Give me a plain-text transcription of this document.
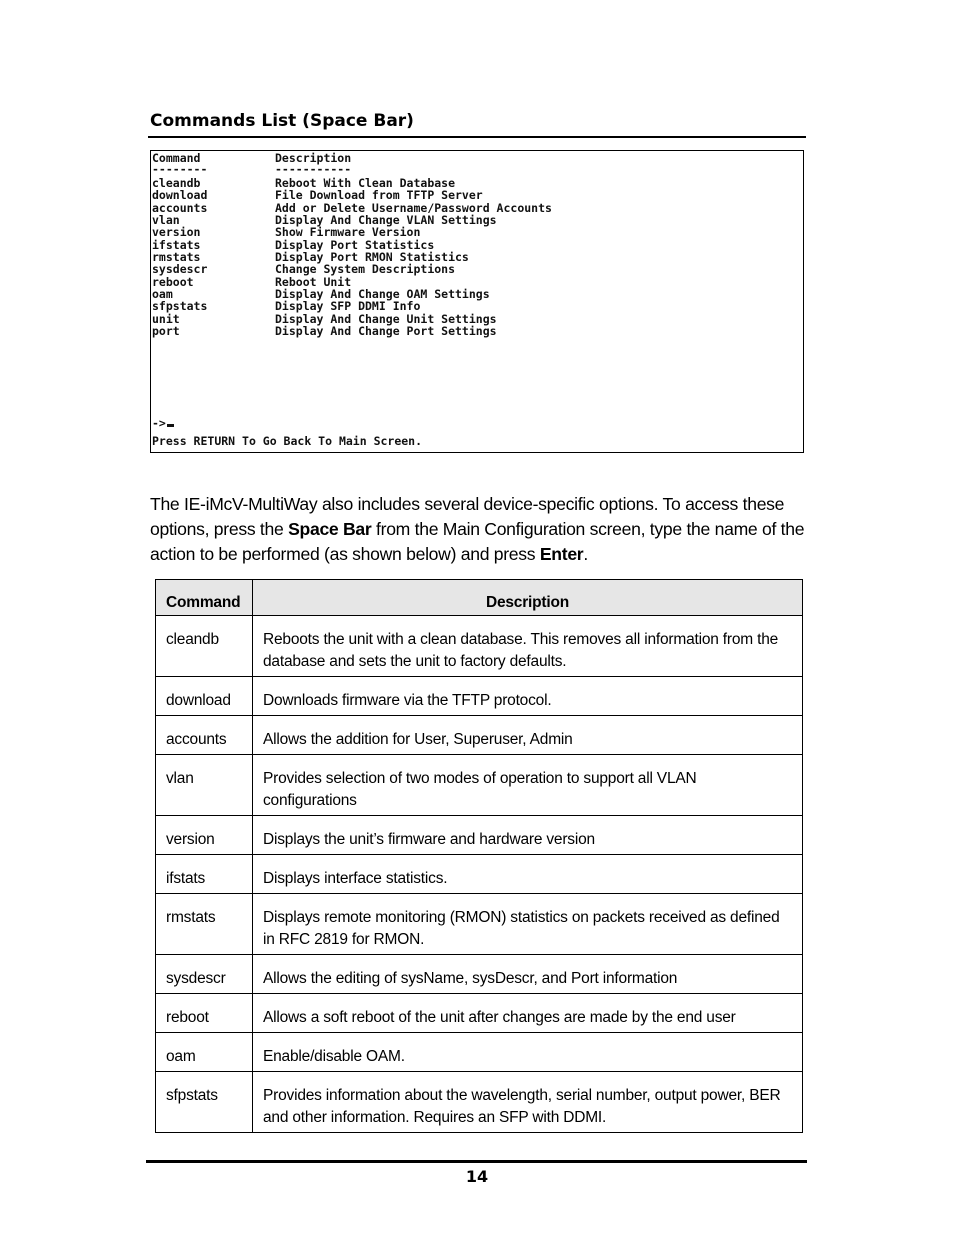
Commands List (Space Bar)
Command	Description
--------	-----------
cleandb	Reboot With Clean Database
download	File Download from TFTP Server
accounts	Add or Delete Username/Password Accounts
vlan	Display And Change VLAN Settings
version	Show Firmware Version
ifstats	Display Port Statistics
rmstats	Display Port RMON Statistics
sysdescr	Change System Descriptions
reboot	Reboot Unit
oam	Display And Change OAM Settings
sfpstats	Display SFP DDMI Info
unit	Display And Change Unit Settings
port	Display And Change Port Settings
->
Press RETURN To Go Back To Main Screen.

The IE-iMcV-MultiWay also includes several device-specific options. To access these options, press the Space Bar from the Main Configuration screen, type the name of the action to be performed (as shown below) and press Enter.

Command	Description
cleandb	Reboots the unit with a clean database. This removes all information from the database and sets the unit to factory defaults.
download	Downloads firmware via the TFTP protocol.
accounts	Allows the addition for User, Superuser, Admin
vlan	Provides selection of two modes of operation to support all VLAN configurations
version	Displays the unit’s firmware and hardware version
ifstats	Displays interface statistics.
rmstats	Displays remote monitoring (RMON) statistics on packets received as defined in RFC 2819 for RMON.
sysdescr	Allows the editing of sysName, sysDescr, and Port information
reboot	Allows a soft reboot of the unit after changes are made by the end user
oam	Enable/disable OAM.
sfpstats	Provides information about the wavelength, serial number, output power, BER and other information. Requires an SFP with DDMI.
14
